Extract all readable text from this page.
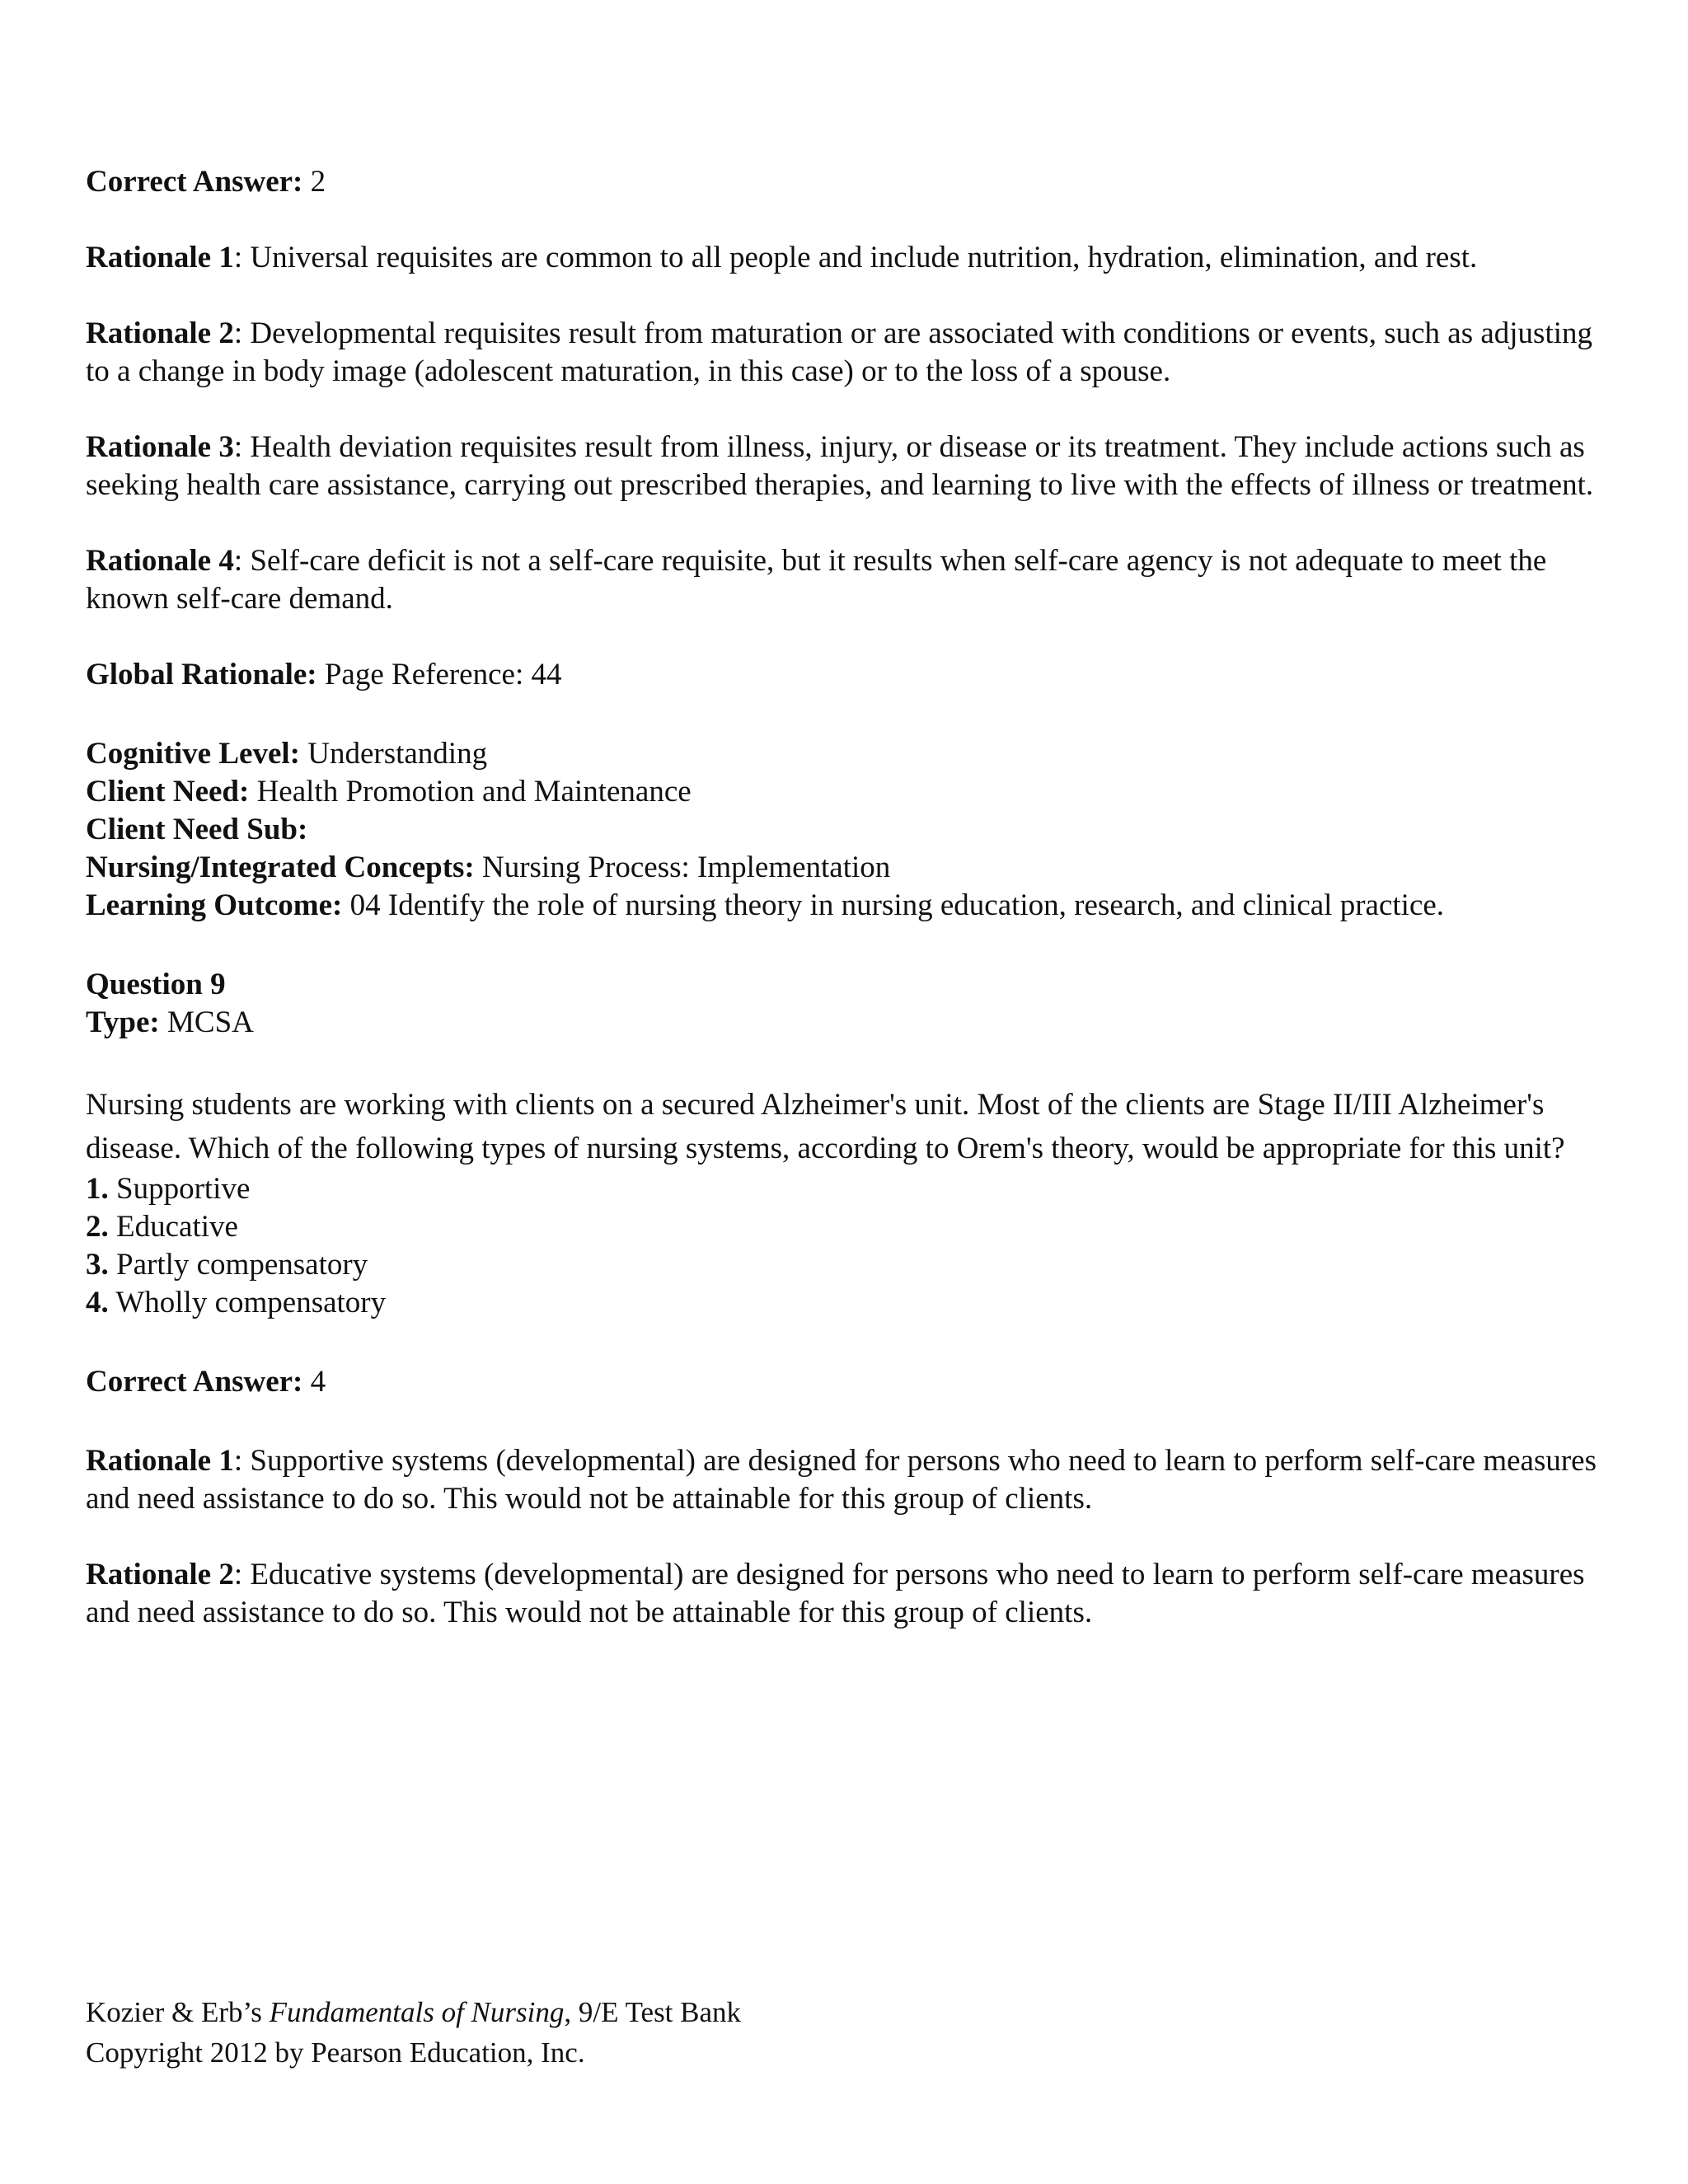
Correct Answer: 2

Rationale 1: Universal requisites are common to all people and include nutrition, hydration, elimination, and rest.

Rationale 2: Developmental requisites result from maturation or are associated with conditions or events, such as adjusting to a change in body image (adolescent maturation, in this case) or to the loss of a spouse.

Rationale 3: Health deviation requisites result from illness, injury, or disease or its treatment. They include actions such as seeking health care assistance, carrying out prescribed therapies, and learning to live with the effects of illness or treatment.

Rationale 4: Self-care deficit is not a self-care requisite, but it results when self-care agency is not adequate to meet the known self-care demand.

Global Rationale: Page Reference: 44

Cognitive Level: Understanding

Client Need: Health Promotion and Maintenance

Client Need Sub:

Nursing/Integrated Concepts: Nursing Process: Implementation

Learning Outcome: 04 Identify the role of nursing theory in nursing education, research, and clinical practice.

Question 9

Type: MCSA

Nursing students are working with clients on a secured Alzheimer's unit. Most of the clients are Stage II/III Alzheimer's disease. Which of the following types of nursing systems, according to Orem's theory, would be appropriate for this unit?

1. Supportive

2. Educative

3. Partly compensatory

4. Wholly compensatory

Correct Answer: 4

Rationale 1: Supportive systems (developmental) are designed for persons who need to learn to perform self-care measures and need assistance to do so. This would not be attainable for this group of clients.

Rationale 2: Educative systems (developmental) are designed for persons who need to learn to perform self-care measures and need assistance to do so. This would not be attainable for this group of clients.

Kozier & Erb’s Fundamentals of Nursing, 9/E Test Bank
Copyright 2012 by Pearson Education, Inc.
